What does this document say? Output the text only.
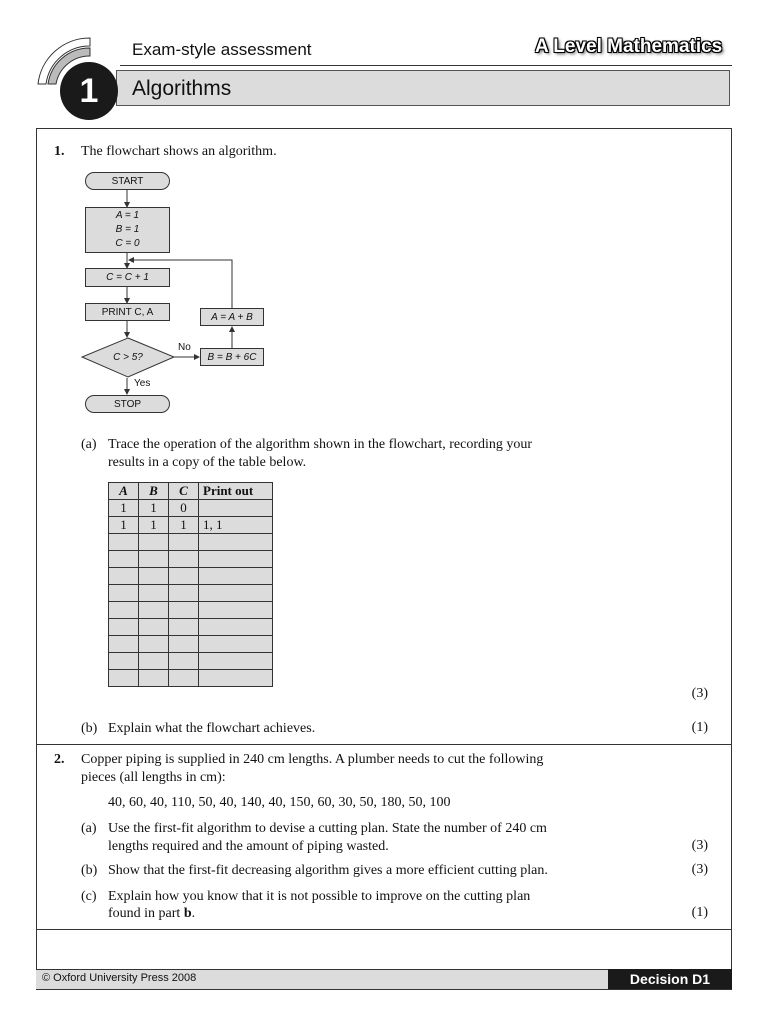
Exam-style assessment	A Level Mathematics
1	Algorithms
1. The flowchart shows an algorithm.
START
A = 1
B = 1
C = 0
C = C + 1
PRINT C, A
C > 5?
No
Yes
B = B + 6C
A = A + B
STOP
(a) Trace the operation of the algorithm shown in the flowchart, recording your
results in a copy of the table below.
A	B	C	Print out
1	1	0	
1	1	1	1, 1

(3)
(b) Explain what the flowchart achieves.	(1)
2. Copper piping is supplied in 240 cm lengths. A plumber needs to cut the following
pieces (all lengths in cm):
40, 60, 40, 110, 50, 40, 140, 40, 150, 60, 30, 50, 180, 50, 100
(a) Use the first-fit algorithm to devise a cutting plan. State the number of 240 cm
lengths required and the amount of piping wasted.	(3)
(b) Show that the first-fit decreasing algorithm gives a more efficient cutting plan.	(3)
(c) Explain how you know that it is not possible to improve on the cutting plan
found in part b.	(1)
© Oxford University Press 2008	Decision D1
